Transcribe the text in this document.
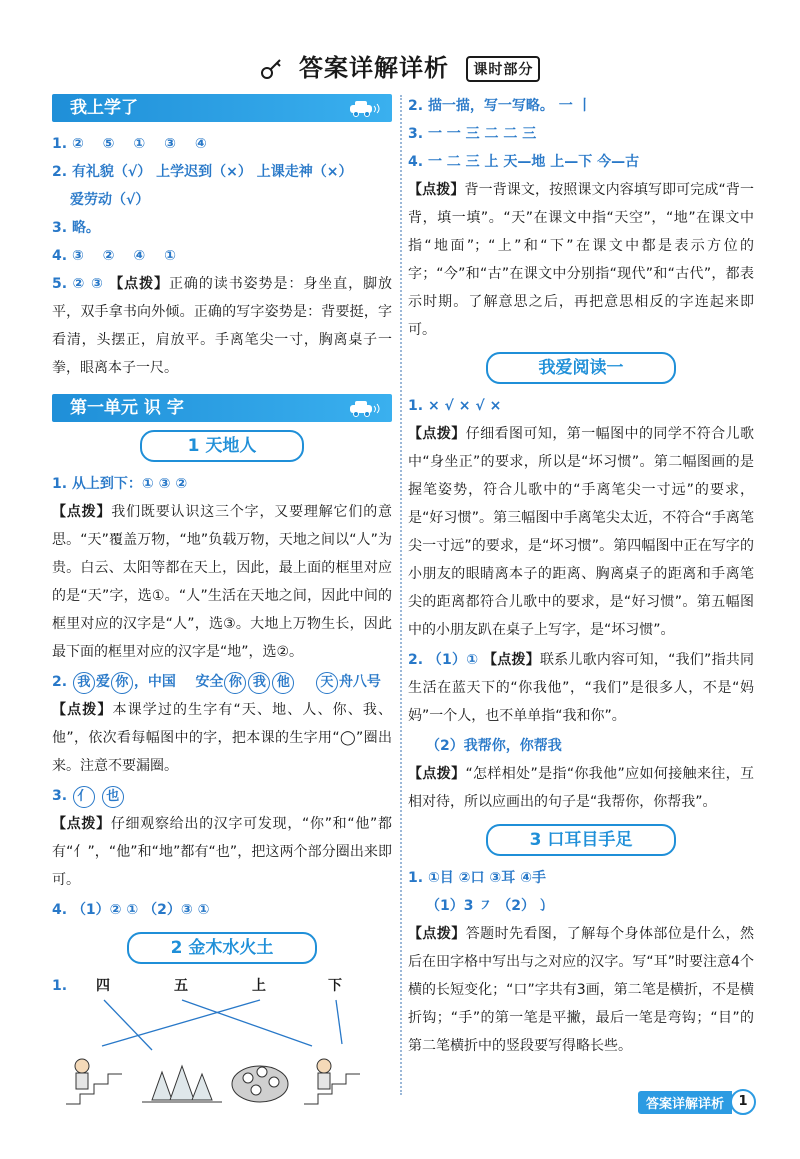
答案详解详析 课时部分
我上学了

1. ② ⑤ ① ③ ④

2. 有礼貌（√） 上学迟到（×） 上课走神（×）

爱劳动（√）

3. 略。

4. ③ ② ④ ①

5. ② ③ 【点拨】正确的读书姿势是：身坐直，脚放平，双手拿书向外倾。正确的写字姿势是：背要挺，字看清，头摆正，肩放平。手离笔尖一寸，胸离桌子一拳，眼离本子一尺。

第一单元 识 字
1 天地人

1. 从上到下：① ③ ②

【点拨】我们既要认识这三个字，又要理解它们的意思。“天”覆盖万物，“地”负载万物，天地之间以“人”为贵。白云、太阳等都在天上，因此，最上面的框里对应的是“天”字，选①。“人”生活在天地之间，因此中间的框里对应的汉字是“人”，选③。大地上万物生长，因此最下面的框里对应的汉字是“地”，选②。

2. 我 爱 你 ，中国 安全 你 我 他 天 舟八号

【点拨】本课学过的生字有“天、地、人、你、我、他”，依次看每幅图中的字，把本课的生字用“◯”圈出来。注意不要漏圈。

3. 亻 也

【点拨】仔细观察给出的汉字可发现，“你”和“他”都有“亻”，“他”和“地”都有“也”，把这两个部分圈出来即可。

4. （1）② ① （2）③ ①

2 金木水火土
1. 四	五	上	下

2. 描一描，写一写略。 一 丨

3. 一 一 三 二 二 三

4. 一 二 三 上 天—地 上—下 今—古

【点拨】背一背课文，按照课文内容填写即可完成“背一背，填一填”。“天”在课文中指“天空”，“地”在课文中指“地面”；“上”和“下”在课文中都是表示方位的字；“今”和“古”在课文中分别指“现代”和“古代”，都表示时期。了解意思之后，再把意思相反的字连起来即可。

我爱阅读一

1. × √ × √ ×

【点拨】仔细看图可知，第一幅图中的同学不符合儿歌中“身坐正”的要求，所以是“坏习惯”。第二幅图画的是握笔姿势，符合儿歌中的“手离笔尖一寸远”的要求，是“好习惯”。第三幅图中手离笔尖太近，不符合“手离笔尖一寸远”的要求，是“坏习惯”。第四幅图中正在写字的小朋友的眼睛离本子的距离、胸离桌子的距离和手离笔尖的距离都符合儿歌中的要求，是“好习惯”。第五幅图中的小朋友趴在桌子上写字，是“坏习惯”。

2. （1）① 【点拨】联系儿歌内容可知，“我们”指共同生活在蓝天下的“你我他”，“我们”是很多人，不是“妈妈”一个人，也不单单指“我和你”。

（2）我帮你，你帮我

【点拨】“怎样相处”是指“你我他”应如何接触来往，互相对待，所以应画出的句子是“我帮你，你帮我”。

3 口耳目手足

1. ①目 ②口 ③耳 ④手

（1）3 ㇇ （2）㇁

【点拨】答题时先看图，了解每个身体部位是什么，然后在田字格中写出与之对应的汉字。写“耳”时要注意4个横的长短变化；“口”字共有3画，第二笔是横折，不是横折钩；“手”的第一笔是平撇，最后一笔是弯钩；“目”的第二笔横折中的竖段要写得略长些。

答案详解详析 1
